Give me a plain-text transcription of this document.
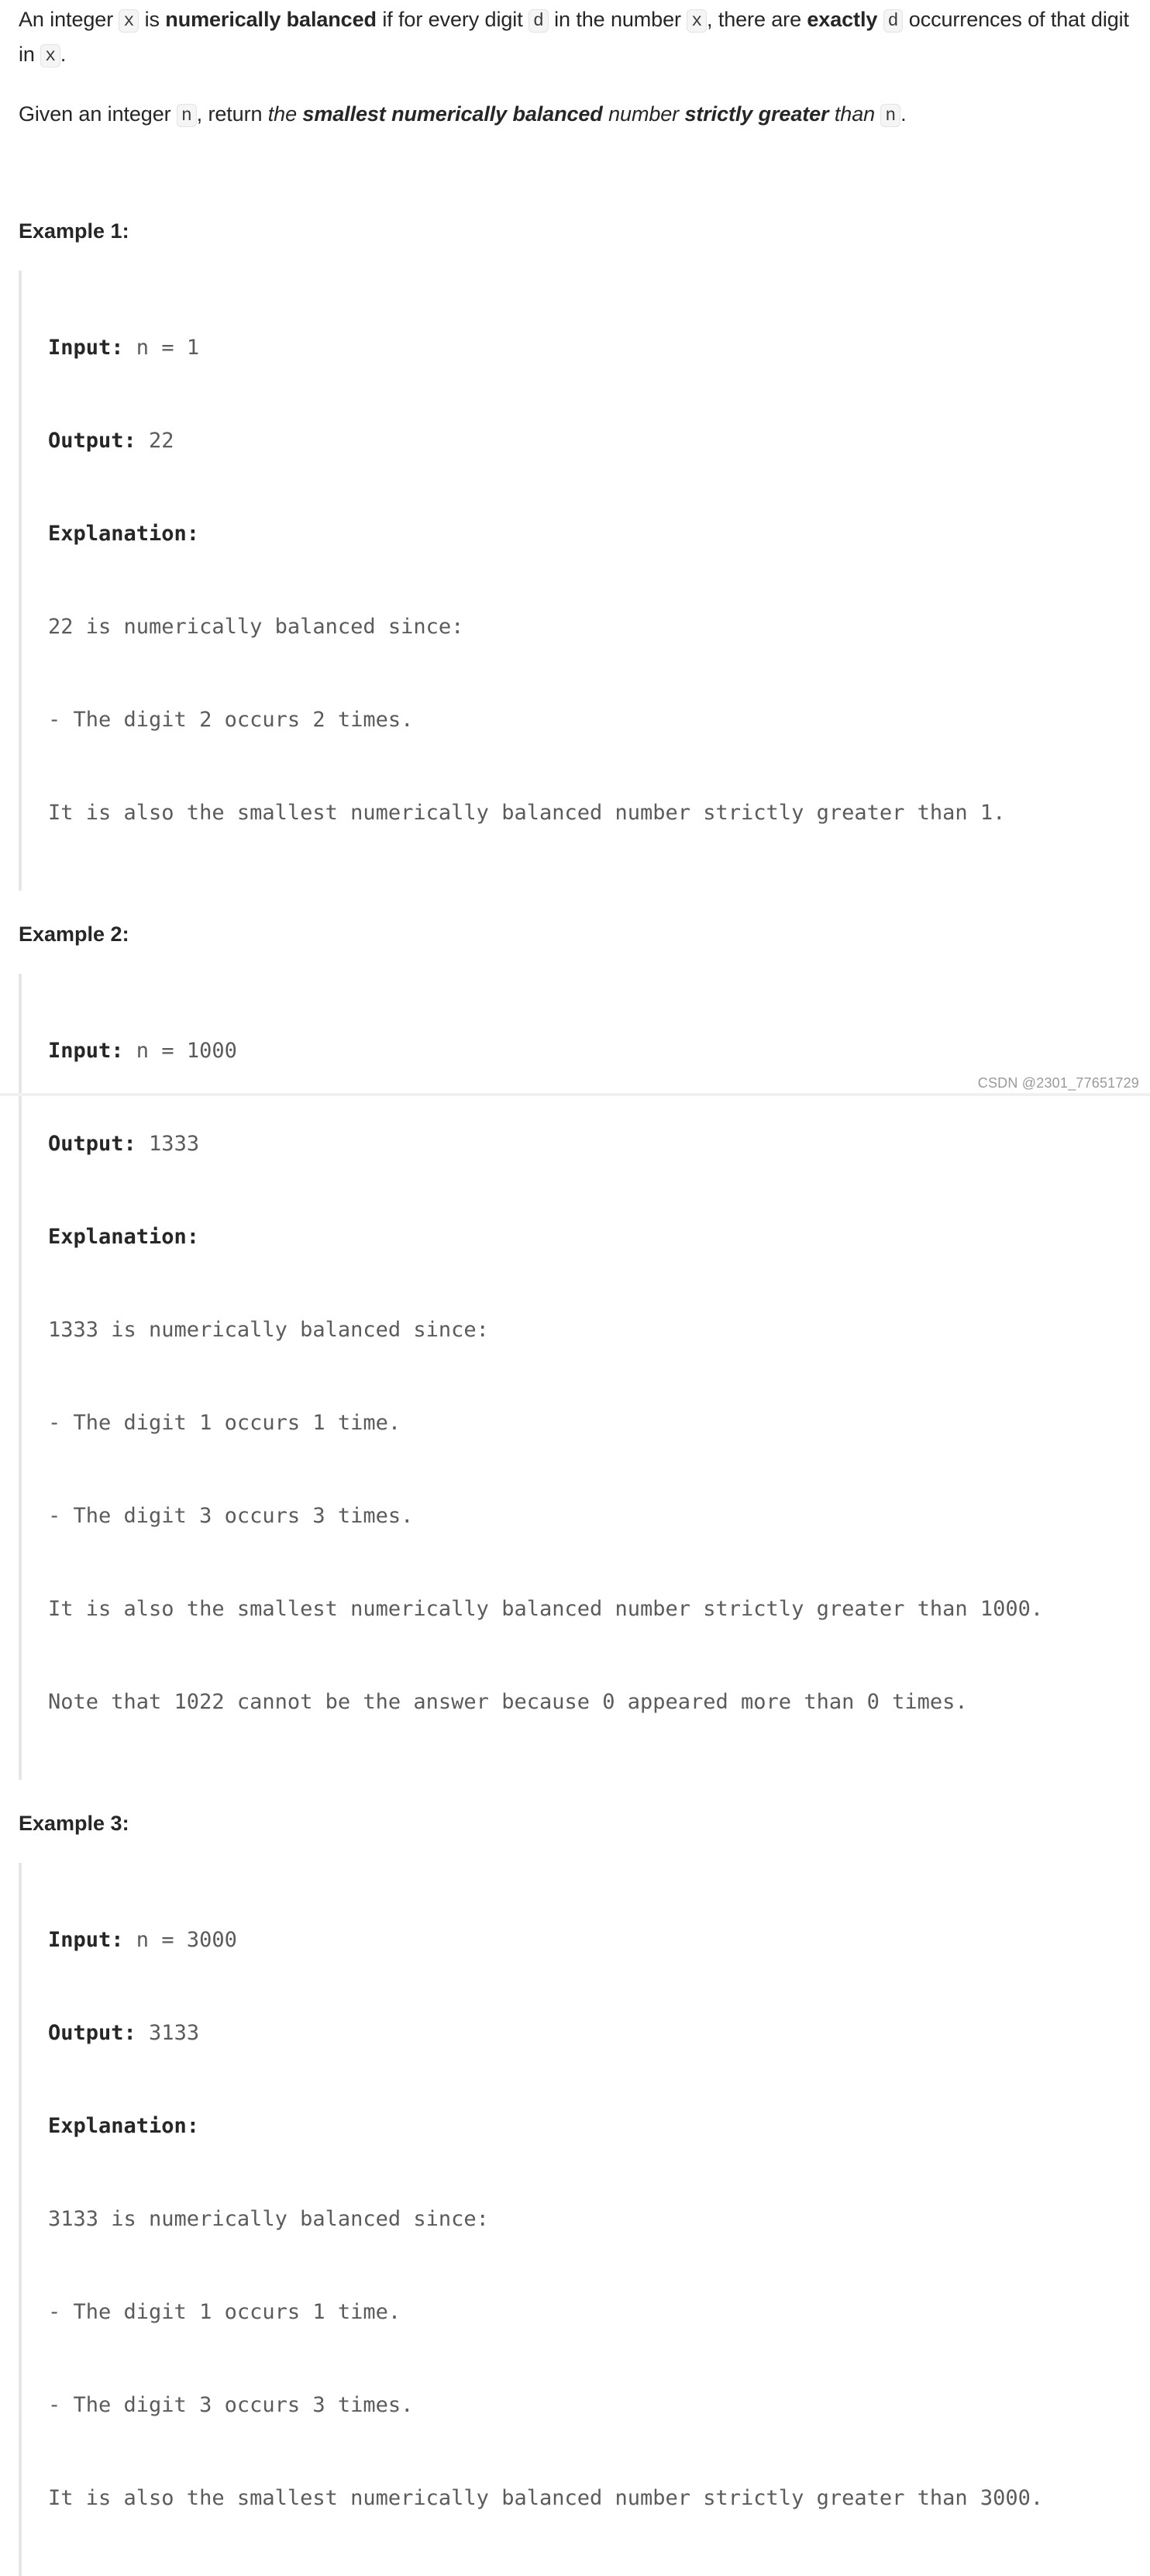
An integer x is numerically balanced if for every digit d in the number x , there are exactly d occurrences of that digit in x .

Given an integer n , return the smallest numerically balanced number strictly greater than n .

Example 1:

Input: n = 1

Output: 22

Explanation:

22 is numerically balanced since:

- The digit 2 occurs 2 times.

It is also the smallest numerically balanced number strictly greater than 1.

Example 2:

Input: n = 1000

Output: 1333

Explanation:

1333 is numerically balanced since:

- The digit 1 occurs 1 time.

- The digit 3 occurs 3 times.

It is also the smallest numerically balanced number strictly greater than 1000.

Note that 1022 cannot be the answer because 0 appeared more than 0 times.

Example 3:

Input: n = 3000

Output: 3133

Explanation:

3133 is numerically balanced since:

- The digit 1 occurs 1 time.

- The digit 3 occurs 3 times.

It is also the smallest numerically balanced number strictly greater than 3000.

CSDN @2301_77651729
